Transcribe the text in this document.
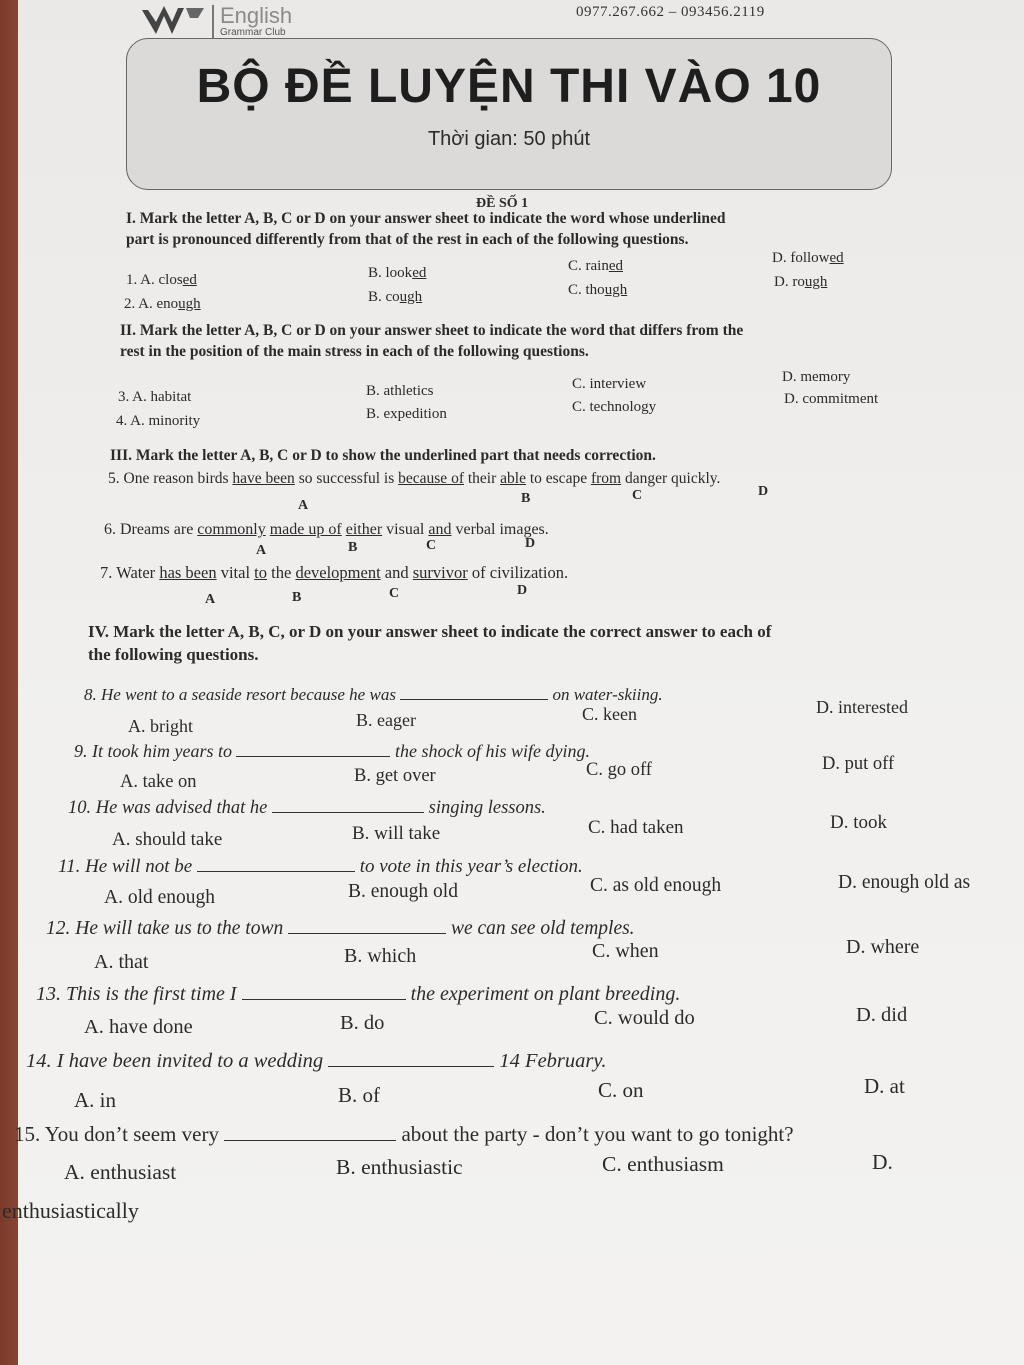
English
Grammar Club
0977.267.662 – 093456.2119
BỘ ĐỀ LUYỆN THI VÀO 10
Thời gian: 50 phút
ĐỀ SỐ 1
I. Mark the letter A, B, C or D on your answer sheet to indicate the word whose underlined
part is pronounced differently from that of the rest in each of the following questions.
1. A. closed	B. looked	C. rained	D. followed
2. A. enough	B. cough	C. though	D. rough
II. Mark the letter A, B, C or D on your answer sheet to indicate the word that differs from the
rest in the position of the main stress in each of the following questions.
3. A. habitat	B. athletics	C. interview	D. memory
4. A. minority	B. expedition	C. technology	D. commitment
III. Mark the letter A, B, C or D to show the underlined part that needs correction.
5. One reason birds have been so successful is because of their able to escape from danger quickly.
A	B	C	D
6. Dreams are commonly made up of either visual and verbal images.
A	B	C	D
7. Water has been vital to the development and survivor of civilization.
A	B	C	D
IV. Mark the letter A, B, C, or D on your answer sheet to indicate the correct answer to each of
the following questions.
8. He went to a seaside resort because he was	on water-skiing.
A. bright	B. eager	C. keen	D. interested
9. It took him years to	the shock of his wife dying.
A. take on	B. get over	C. go off	D. put off
10. He was advised that he	singing lessons.
A. should take	B. will take	C. had taken	D. took
11. He will not be	to vote in this year’s election.
A. old enough	B. enough old	C. as old enough	D. enough old as
12. He will take us to the town	we can see old temples.
A. that	B. which	C. when	D. where
13. This is the first time I	the experiment on plant breeding.
A. have done	B. do	C. would do	D. did
14. I have been invited to a wedding	14 February.
A. in	B. of	C. on	D. at
15. You don’t seem very	about the party - don’t you want to go tonight?
A. enthusiast	B. enthusiastic	C. enthusiasm	D.
enthusiastically
